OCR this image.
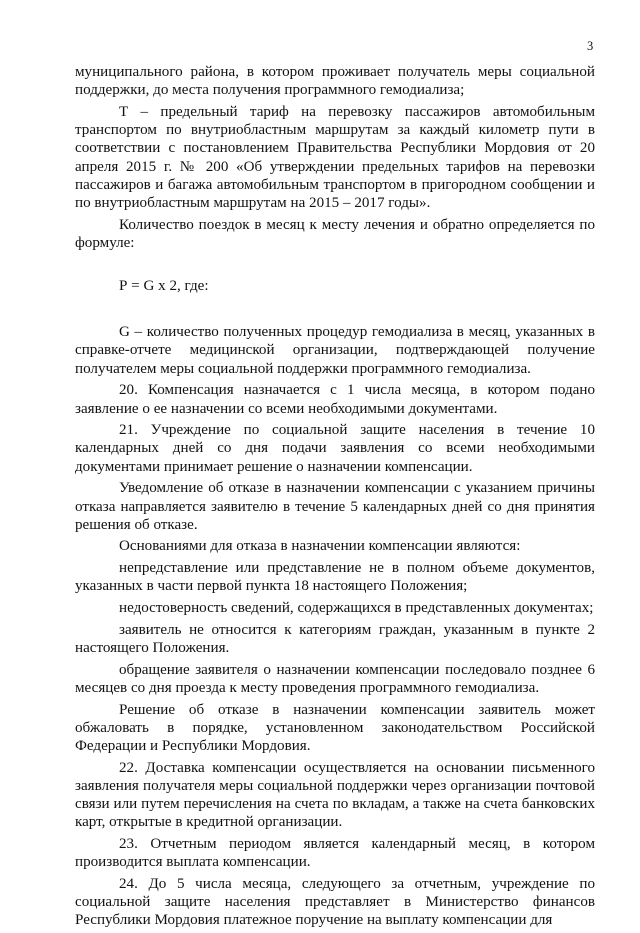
3

муниципального района, в котором проживает получатель меры социальной поддержки, до места получения программного гемодиализа;

Т – предельный тариф на перевозку пассажиров автомобильным транспортом по внутриобластным маршрутам за каждый километр пути в соответствии с постановлением Правительства Республики Мордовия от 20 апреля 2015 г. № 200 «Об утверждении предельных тарифов на перевозки пассажиров и багажа автомобильным транспортом в пригородном сообщении и по внутриобластным маршрутам на 2015 – 2017 годы».

Количество поездок в месяц к месту лечения и обратно определяется по формуле:

Р = G х 2, где:

G – количество полученных процедур гемодиализа в месяц, указанных в справке-отчете медицинской организации, подтверждающей получение получателем меры социальной поддержки программного гемодиализа.

20. Компенсация назначается с 1 числа месяца, в котором подано заявление о ее назначении со всеми необходимыми документами.

21. Учреждение по социальной защите населения в течение 10 календарных дней со дня подачи заявления со всеми необходимыми документами принимает решение о назначении компенсации.

Уведомление об отказе в назначении компенсации с указанием причины отказа направляется заявителю в течение 5 календарных дней со дня принятия решения об отказе.

Основаниями для отказа в назначении компенсации являются:

непредставление или представление не в полном объеме документов, указанных в части первой пункта 18 настоящего Положения;

недостоверность сведений, содержащихся в представленных документах;

заявитель не относится к категориям граждан, указанным в пункте 2 настоящего Положения.

обращение заявителя о назначении компенсации последовало позднее 6 месяцев со дня проезда к месту проведения программного гемодиализа.

Решение об отказе в назначении компенсации заявитель может обжаловать в порядке, установленном законодательством Российской Федерации и Республики Мордовия.

22. Доставка компенсации осуществляется на основании письменного заявления получателя меры социальной поддержки через организации почтовой связи или путем перечисления на счета по вкладам, а также на счета банковских карт, открытые в кредитной организации.

23. Отчетным периодом является календарный месяц, в котором производится выплата компенсации.

24. До 5 числа месяца, следующего за отчетным, учреждение по социальной защите населения представляет в Министерство финансов Республики Мордовия платежное поручение на выплату компенсации для
